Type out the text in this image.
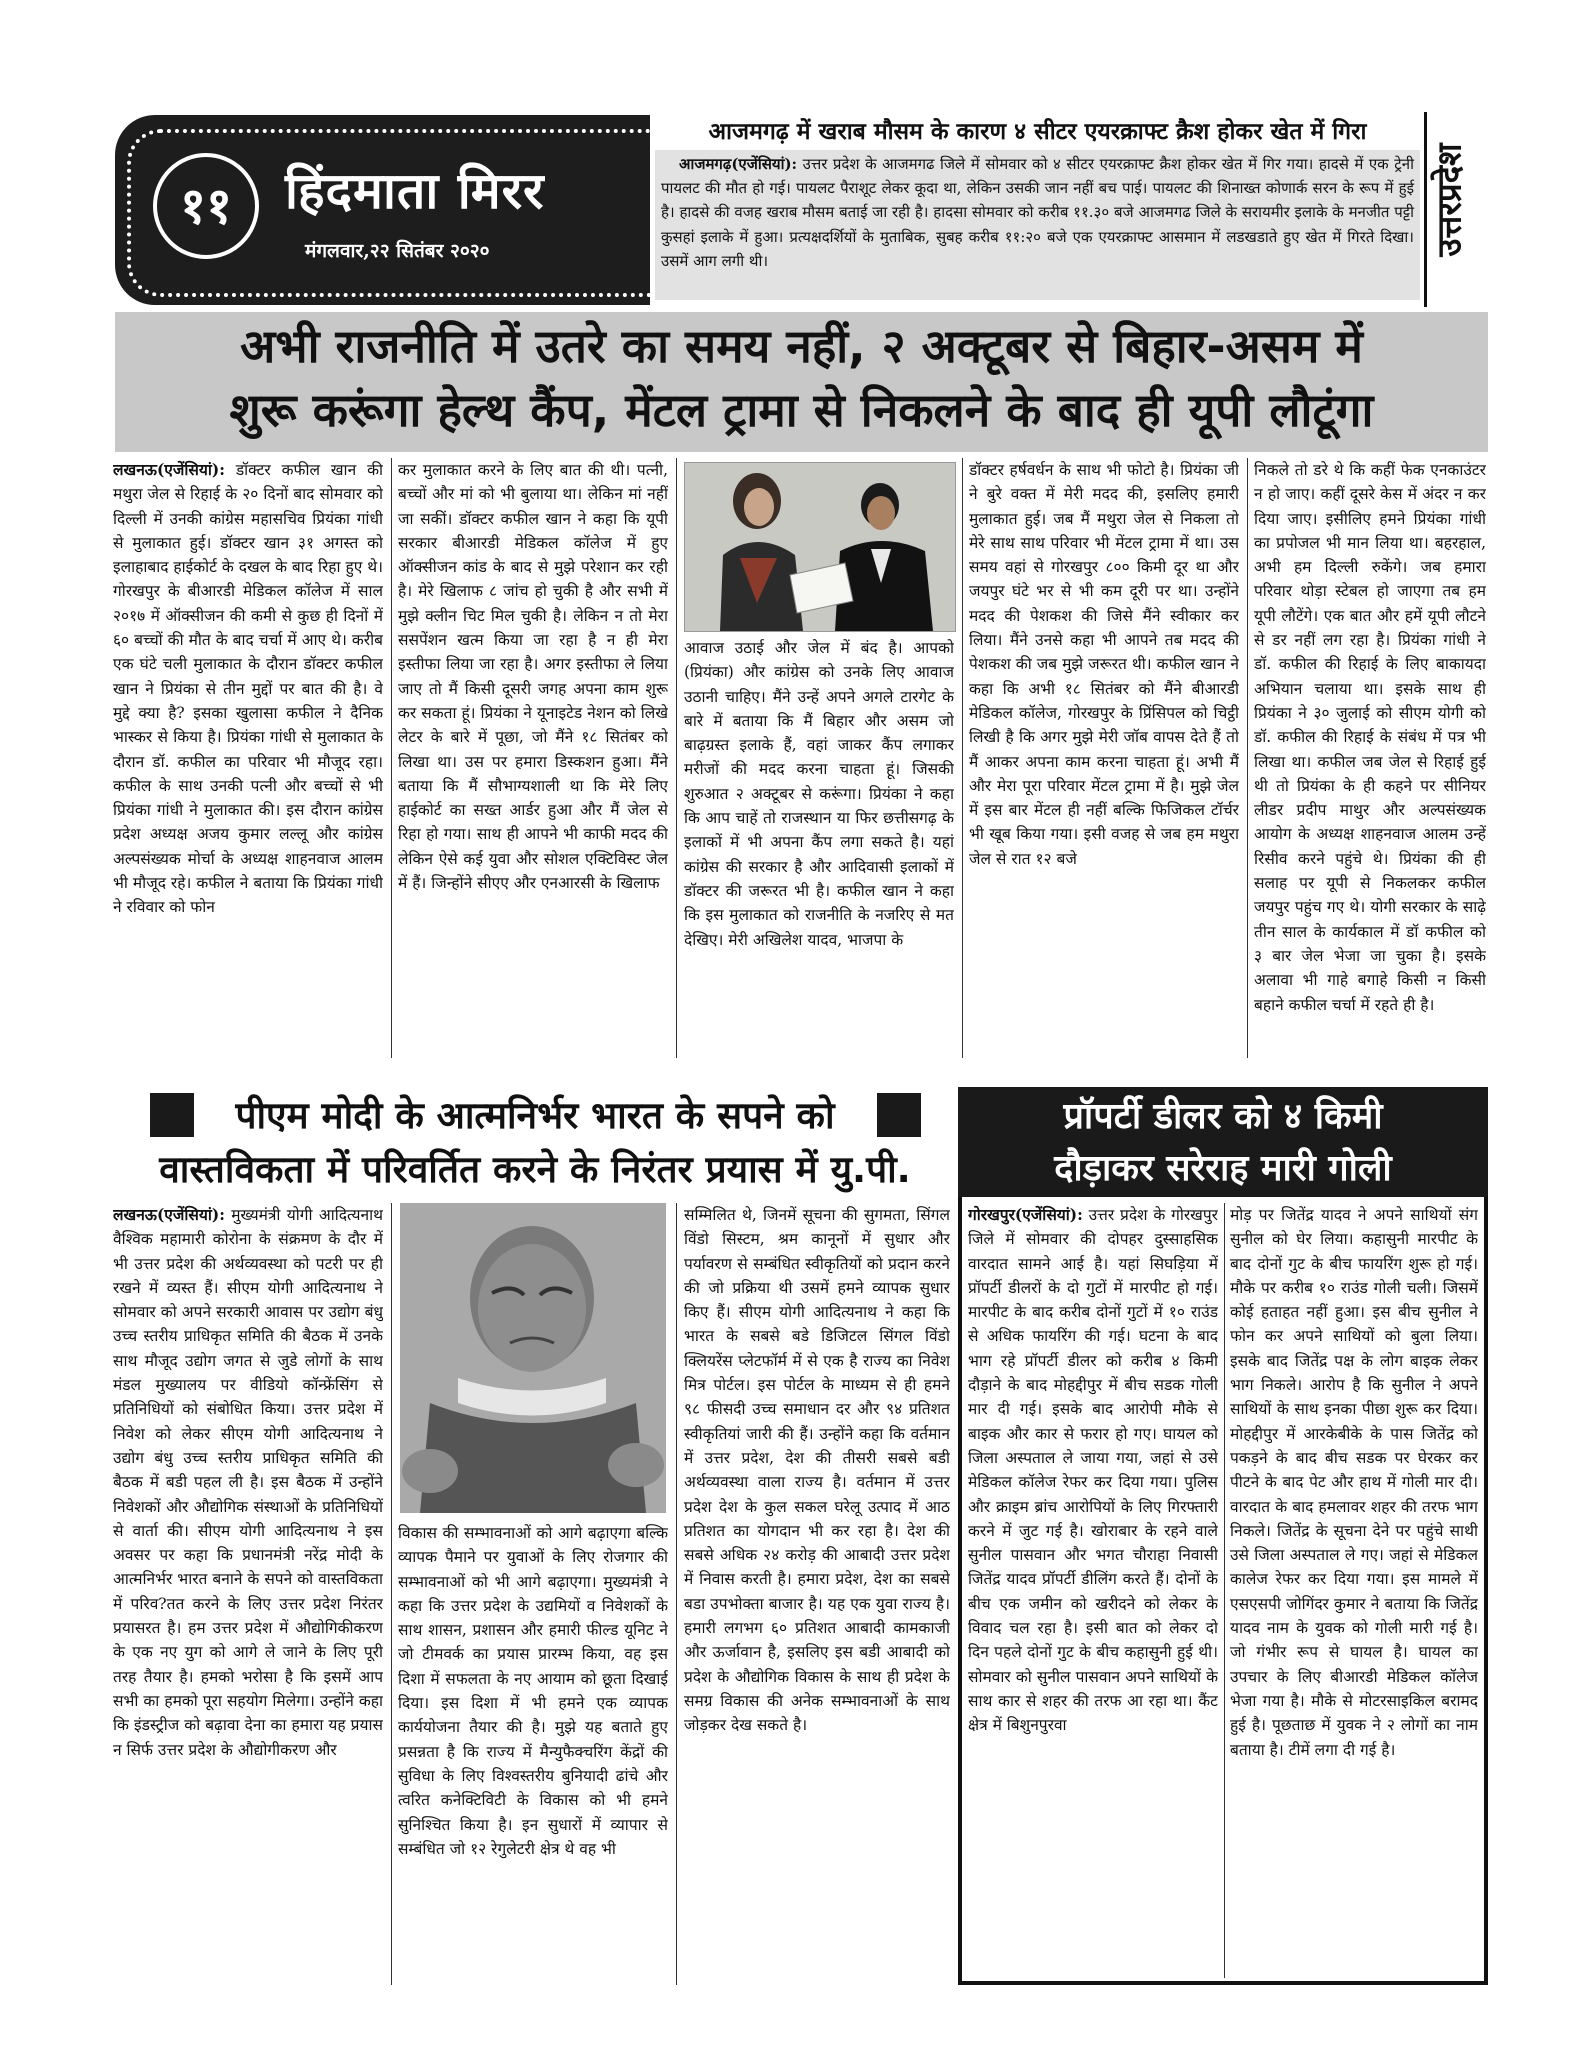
११	हिंदमाता मिरर
मंगलवार,२२ सितंबर २०२०
आजमगढ़ में खराब मौसम के कारण ४ सीटर एयरक्राफ्ट क्रैश होकर खेत में गिरा

आजमगढ़(एजेंसियां): उत्तर प्रदेश के आजमगढ जिले में सोमवार को ४ सीटर एयरक्राफ्ट क्रैश होकर खेत में गिर गया। हादसे में एक ट्रेनी पायलट की मौत हो गई। पायलट पैराशूट लेकर कूदा था, लेकिन उसकी जान नहीं बच पाई। पायलट की शिनाख्त कोणार्क सरन के रूप में हुई है। हादसे की वजह खराब मौसम बताई जा रही है। हादसा सोमवार को करीब ११.३० बजे आजमगढ जिले के सरायमीर इलाके के मनजीत पट्टी कुसहां इलाके में हुआ। प्रत्यक्षदर्शियों के मुताबिक, सुबह करीब ११:२० बजे एक एयरक्राफ्ट आसमान में लडखडाते हुए खेत में गिरते दिखा। उसमें आग लगी थी।

उत्तरप्रदेश
अभी राजनीति में उतरे का समय नहीं, २ अक्टूबर से बिहार-असम में
शुरू करूंगा हेल्थ कैंप, मेंटल ट्रामा से निकलने के बाद ही यूपी लौटूंगा

लखनऊ(एजेंसियां): डॉक्टर कफील खान की मथुरा जेल से रिहाई के २० दिनों बाद सोमवार को दिल्ली में उनकी कांग्रेस महासचिव प्रियंका गांधी से मुलाकात हुई। डॉक्टर खान ३१ अगस्त को इलाहाबाद हाईकोर्ट के दखल के बाद रिहा हुए थे। गोरखपुर के बीआरडी मेडिकल कॉलेज में साल २०१७ में ऑक्सीजन की कमी से कुछ ही दिनों में ६० बच्चों की मौत के बाद चर्चा में आए थे। करीब एक घंटे चली मुलाकात के दौरान डॉक्टर कफील खान ने प्रियंका से तीन मुद्दों पर बात की है। वे मुद्दे क्या है? इसका खुलासा कफील ने दैनिक भास्कर से किया है। प्रियंका गांधी से मुलाकात के दौरान डॉ. कफील का परिवार भी मौजूद रहा। कफील के साथ उनकी पत्नी और बच्चों से भी प्रियंका गांधी ने मुलाकात की। इस दौरान कांग्रेस प्रदेश अध्यक्ष अजय कुमार लल्लू और कांग्रेस अल्पसंख्यक मोर्चा के अध्यक्ष शाहनवाज आलम भी मौजूद रहे। कफील ने बताया कि प्रियंका गांधी ने रविवार को फोन

कर मुलाकात करने के लिए बात की थी। पत्नी, बच्चों और मां को भी बुलाया था। लेकिन मां नहीं जा सकीं। डॉक्टर कफील खान ने कहा कि यूपी सरकार बीआरडी मेडिकल कॉलेज में हुए ऑक्सीजन कांड के बाद से मुझे परेशान कर रही है। मेरे खिलाफ ८ जांच हो चुकी है और सभी में मुझे क्लीन चिट मिल चुकी है। लेकिन न तो मेरा ससपेंशन खत्म किया जा रहा है न ही मेरा इस्तीफा लिया जा रहा है। अगर इस्तीफा ले लिया जाए तो मैं किसी दूसरी जगह अपना काम शुरू कर सकता हूं। प्रियंका ने यूनाइटेड नेशन को लिखे लेटर के बारे में पूछा, जो मैंने १८ सितंबर को लिखा था। उस पर हमारा डिस्कशन हुआ। मैंने बताया कि मैं सौभाग्यशाली था कि मेरे लिए हाईकोर्ट का सख्त आर्डर हुआ और मैं जेल से रिहा हो गया। साथ ही आपने भी काफी मदद की लेकिन ऐसे कई युवा और सोशल एक्टिविस्ट जेल में हैं। जिन्होंने सीएए और एनआरसी के खिलाफ

आवाज उठाई और जेल में बंद है। आपको (प्रियंका) और कांग्रेस को उनके लिए आवाज उठानी चाहिए। मैंने उन्हें अपने अगले टारगेट के बारे में बताया कि मैं बिहार और असम जो बाढ़ग्रस्त इलाके हैं, वहां जाकर कैंप लगाकर मरीजों की मदद करना चाहता हूं। जिसकी शुरुआत २ अक्टूबर से करूंगा। प्रियंका ने कहा कि आप चाहें तो राजस्थान या फिर छत्तीसगढ़ के इलाकों में भी अपना कैंप लगा सकते है। यहां कांग्रेस की सरकार है और आदिवासी इलाकों में डॉक्टर की जरूरत भी है। कफील खान ने कहा कि इस मुलाकात को राजनीति के नजरिए से मत देखिए। मेरी अखिलेश यादव, भाजपा के

डॉक्टर हर्षवर्धन के साथ भी फोटो है। प्रियंका जी ने बुरे वक्त में मेरी मदद की, इसलिए हमारी मुलाकात हुई। जब मैं मथुरा जेल से निकला तो मेरे साथ साथ परिवार भी मेंटल ट्रामा में था। उस समय वहां से गोरखपुर ८०० किमी दूर था और जयपुर घंटे भर से भी कम दूरी पर था। उन्होंने मदद की पेशकश की जिसे मैंने स्वीकार कर लिया। मैंने उनसे कहा भी आपने तब मदद की पेशकश की जब मुझे जरूरत थी। कफील खान ने कहा कि अभी १८ सितंबर को मैंने बीआरडी मेडिकल कॉलेज, गोरखपुर के प्रिंसिपल को चिट्ठी लिखी है कि अगर मुझे मेरी जॉब वापस देते हैं तो मैं आकर अपना काम करना चाहता हूं। अभी मैं और मेरा पूरा परिवार मेंटल ट्रामा में है। मुझे जेल में इस बार मेंटल ही नहीं बल्कि फिजिकल टॉर्चर भी खूब किया गया। इसी वजह से जब हम मथुरा जेल से रात १२ बजे

निकले तो डरे थे कि कहीं फेक एनकाउंटर न हो जाए। कहीं दूसरे केस में अंदर न कर दिया जाए। इसीलिए हमने प्रियंका गांधी का प्रपोजल भी मान लिया था। बहरहाल, अभी हम दिल्ली रुकेंगे। जब हमारा परिवार थोड़ा स्टेबल हो जाएगा तब हम यूपी लौटेंगे। एक बात और हमें यूपी लौटने से डर नहीं लग रहा है। प्रियंका गांधी ने डॉ. कफील की रिहाई के लिए बाकायदा अभियान चलाया था। इसके साथ ही प्रियंका ने ३० जुलाई को सीएम योगी को डॉ. कफील की रिहाई के संबंध में पत्र भी लिखा था। कफील जब जेल से रिहाई हुई थी तो प्रियंका के ही कहने पर सीनियर लीडर प्रदीप माथुर और अल्पसंख्यक आयोग के अध्यक्ष शाहनवाज आलम उन्हें रिसीव करने पहुंचे थे। प्रियंका की ही सलाह पर यूपी से निकलकर कफील जयपुर पहुंच गए थे। योगी सरकार के साढ़े तीन साल के कार्यकाल में डॉ कफील को ३ बार जेल भेजा जा चुका है। इसके अलावा भी गाहे बगाहे किसी न किसी बहाने कफील चर्चा में रहते ही है।

पीएम मोदी के आत्मनिर्भर भारत के सपने को
वास्तविकता में परिवर्तित करने के निरंतर प्रयास में यु.पी.

लखनऊ(एजेंसियां): मुख्यमंत्री योगी आदित्यनाथ वैश्विक महामारी कोरोना के संक्रमण के दौर में भी उत्तर प्रदेश की अर्थव्यवस्था को पटरी पर ही रखने में व्यस्त हैं। सीएम योगी आदित्यनाथ ने सोमवार को अपने सरकारी आवास पर उद्योग बंधु उच्च स्तरीय प्राधिकृत समिति की बैठक में उनके साथ मौजूद उद्योग जगत से जुडे लोगों के साथ मंडल मुख्यालय पर वीडियो कॉन्फ्रेंसिंग से प्रतिनिधियों को संबोधित किया। उत्तर प्रदेश में निवेश को लेकर सीएम योगी आदित्यनाथ ने उद्योग बंधु उच्च स्तरीय प्राधिकृत समिति की बैठक में बडी पहल ली है। इस बैठक में उन्होंने निवेशकों और औद्योगिक संस्थाओं के प्रतिनिधियों से वार्ता की। सीएम योगी आदित्यनाथ ने इस अवसर पर कहा कि प्रधानमंत्री नरेंद्र मोदी के आत्मनिर्भर भारत बनाने के सपने को वास्तविकता में परिव?तत करने के लिए उत्तर प्रदेश निरंतर प्रयासरत है। हम उत्तर प्रदेश में औद्योगिकीकरण के एक नए युग को आगे ले जाने के लिए पूरी तरह तैयार है। हमको भरोसा है कि इसमें आप सभी का हमको पूरा सहयोग मिलेगा। उन्होंने कहा कि इंडस्ट्रीज को बढ़ावा देना का हमारा यह प्रयास न सिर्फ उत्तर प्रदेश के औद्योगीकरण और

विकास की सम्भावनाओं को आगे बढ़ाएगा बल्कि व्यापक पैमाने पर युवाओं के लिए रोजगार की सम्भावनाओं को भी आगे बढ़ाएगा। मुख्यमंत्री ने कहा कि उत्तर प्रदेश के उद्यमियों व निवेशकों के साथ शासन, प्रशासन और हमारी फील्ड यूनिट ने जो टीमवर्क का प्रयास प्रारम्भ किया, वह इस दिशा में सफलता के नए आयाम को छूता दिखाई दिया। इस दिशा में भी हमने एक व्यापक कार्ययोजना तैयार की है। मुझे यह बताते हुए प्रसन्नता है कि राज्य में मैन्युफैक्चरिंग केंद्रों की सुविधा के लिए विश्वस्तरीय बुनियादी ढांचे और त्वरित कनेक्टिविटी के विकास को भी हमने सुनिश्चित किया है। इन सुधारों में व्यापार से सम्बंधित जो १२ रेगुलेटरी क्षेत्र थे वह भी

सम्मिलित थे, जिनमें सूचना की सुगमता, सिंगल विंडो सिस्टम, श्रम कानूनों में सुधार और पर्यावरण से सम्बंधित स्वीकृतियों को प्रदान करने की जो प्रक्रिया थी उसमें हमने व्यापक सुधार किए हैं। सीएम योगी आदित्यनाथ ने कहा कि भारत के सबसे बडे डिजिटल सिंगल विंडो क्लियरेंस प्लेटफॉर्म में से एक है राज्य का निवेश मित्र पोर्टल। इस पोर्टल के माध्यम से ही हमने ९८ फीसदी उच्च समाधान दर और ९४ प्रतिशत स्वीकृतियां जारी की हैं। उन्होंने कहा कि वर्तमान में उत्तर प्रदेश, देश की तीसरी सबसे बडी अर्थव्यवस्था वाला राज्य है। वर्तमान में उत्तर प्रदेश देश के कुल सकल घरेलू उत्पाद में आठ प्रतिशत का योगदान भी कर रहा है। देश की सबसे अधिक २४ करोड़ की आबादी उत्तर प्रदेश में निवास करती है। हमारा प्रदेश, देश का सबसे बडा उपभोक्ता बाजार है। यह एक युवा राज्य है। हमारी लगभग ६० प्रतिशत आबादी कामकाजी और ऊर्जावान है, इसलिए इस बडी आबादी को प्रदेश के औद्योगिक विकास के साथ ही प्रदेश के समग्र विकास की अनेक सम्भावनाओं के साथ जोड़कर देख सकते है।

प्रॉपर्टी डीलर को ४ किमी
दौड़ाकर सरेराह मारी गोली

गोरखपुर(एजेंसियां): उत्तर प्रदेश के गोरखपुर जिले में सोमवार की दोपहर दुस्साहसिक वारदात सामने आई है। यहां सिघड़िया में प्रॉपर्टी डीलरों के दो गुटों में मारपीट हो गई। मारपीट के बाद करीब दोनों गुटों में १० राउंड से अधिक फायरिंग की गई। घटना के बाद भाग रहे प्रॉपर्टी डीलर को करीब ४ किमी दौड़ाने के बाद मोहद्दीपुर में बीच सडक गोली मार दी गई। इसके बाद आरोपी मौके से बाइक और कार से फरार हो गए। घायल को जिला अस्पताल ले जाया गया, जहां से उसे मेडिकल कॉलेज रेफर कर दिया गया। पुलिस और क्राइम ब्रांच आरोपियों के लिए गिरफ्तारी करने में जुट गई है। खोराबार के रहने वाले सुनील पासवान और भगत चौराहा निवासी जितेंद्र यादव प्रॉपर्टी डीलिंग करते हैं। दोनों के बीच एक जमीन को खरीदने को लेकर के विवाद चल रहा है। इसी बात को लेकर दो दिन पहले दोनों गुट के बीच कहासुनी हुई थी। सोमवार को सुनील पासवान अपने साथियों के साथ कार से शहर की तरफ आ रहा था। कैंट क्षेत्र में बिशुनपुरवा

मोड़ पर जितेंद्र यादव ने अपने साथियों संग सुनील को घेर लिया। कहासुनी मारपीट के बाद दोनों गुट के बीच फायरिंग शुरू हो गई। मौके पर करीब १० राउंड गोली चली। जिसमें कोई हताहत नहीं हुआ। इस बीच सुनील ने फोन कर अपने साथियों को बुला लिया। इसके बाद जितेंद्र पक्ष के लोग बाइक लेकर भाग निकले। आरोप है कि सुनील ने अपने साथियों के साथ इनका पीछा शुरू कर दिया। मोहद्दीपुर में आरकेबीके के पास जितेंद्र को पकड़ने के बाद बीच सडक पर घेरकर कर पीटने के बाद पेट और हाथ में गोली मार दी। वारदात के बाद हमलावर शहर की तरफ भाग निकले। जितेंद्र के सूचना देने पर पहुंचे साथी उसे जिला अस्पताल ले गए। जहां से मेडिकल कालेज रेफर कर दिया गया। इस मामले में एसएसपी जोगिंदर कुमार ने बताया कि जितेंद्र यादव नाम के युवक को गोली मारी गई है। जो गंभीर रूप से घायल है। घायल का उपचार के लिए बीआरडी मेडिकल कॉलेज भेजा गया है। मौके से मोटरसाइकिल बरामद हुई है। पूछताछ में युवक ने २ लोगों का नाम बताया है। टीमें लगा दी गई है।
